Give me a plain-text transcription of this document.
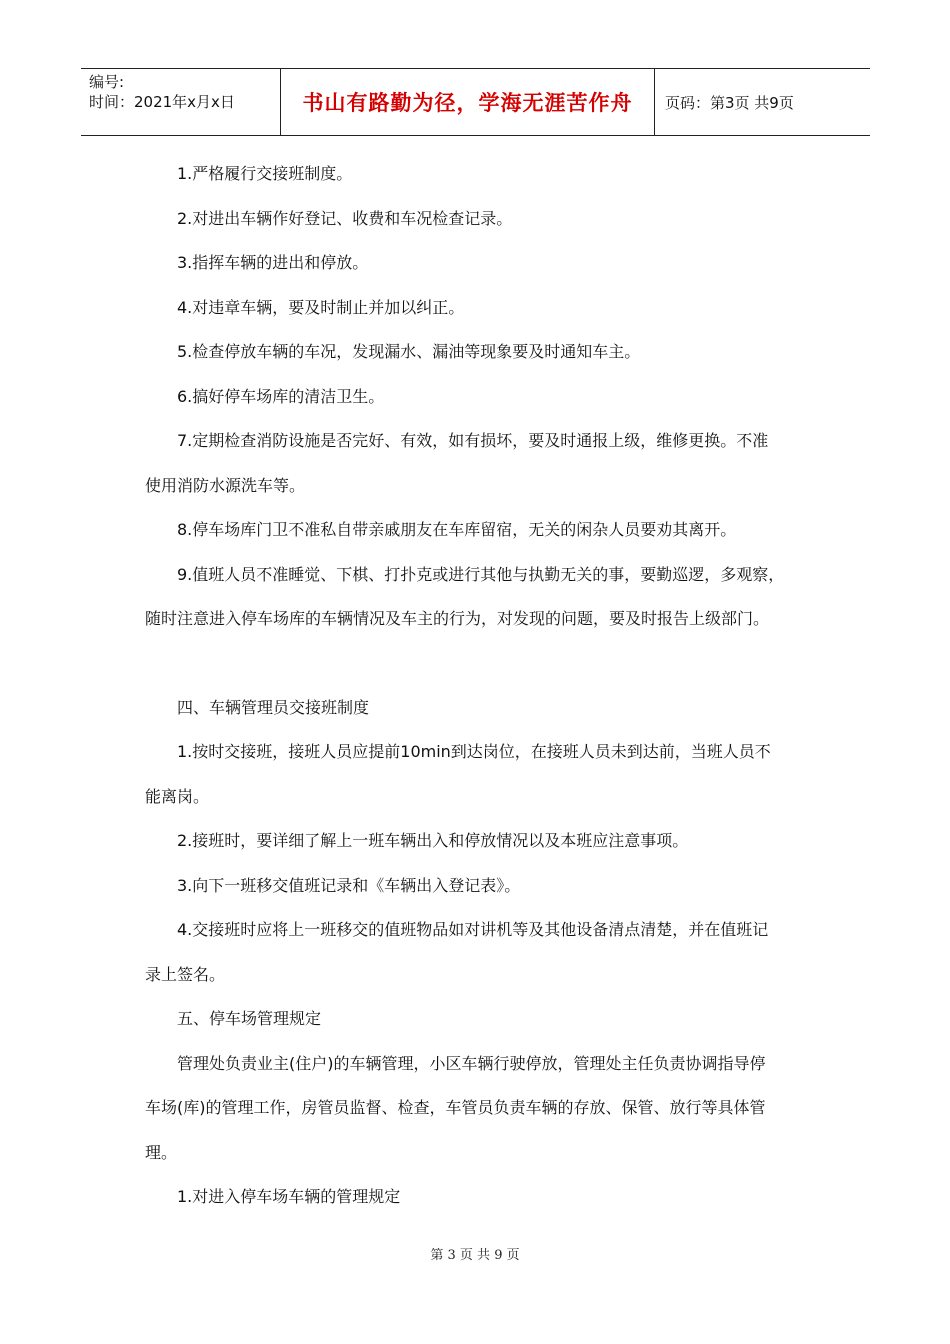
编号:
时间：2021年x月x日	书山有路勤为径，学海无涯苦作舟	页码：第3页 共9页

1.严格履行交接班制度。

2.对进出车辆作好登记、收费和车况检查记录。

3.指挥车辆的进出和停放。

4.对违章车辆，要及时制止并加以纠正。

5.检查停放车辆的车况，发现漏水、漏油等现象要及时通知车主。

6.搞好停车场库的清洁卫生。

7.定期检查消防设施是否完好、有效，如有损坏，要及时通报上级，维修更换。不准

使用消防水源洗车等。

8.停车场库门卫不准私自带亲戚朋友在车库留宿，无关的闲杂人员要劝其离开。

9.值班人员不准睡觉、下棋、打扑克或进行其他与执勤无关的事，要勤巡逻，多观察，

随时注意进入停车场库的车辆情况及车主的行为，对发现的问题，要及时报告上级部门。

四、车辆管理员交接班制度

1.按时交接班，接班人员应提前10min到达岗位，在接班人员未到达前，当班人员不

能离岗。

2.接班时，要详细了解上一班车辆出入和停放情况以及本班应注意事项。

3.向下一班移交值班记录和《车辆出入登记表》。

4.交接班时应将上一班移交的值班物品如对讲机等及其他设备清点清楚，并在值班记

录上签名。

五、停车场管理规定

管理处负责业主(住户)的车辆管理，小区车辆行驶停放，管理处主任负责协调指导停

车场(库)的管理工作，房管员监督、检查，车管员负责车辆的存放、保管、放行等具体管

理。

1.对进入停车场车辆的管理规定

第 3 页 共 9 页
